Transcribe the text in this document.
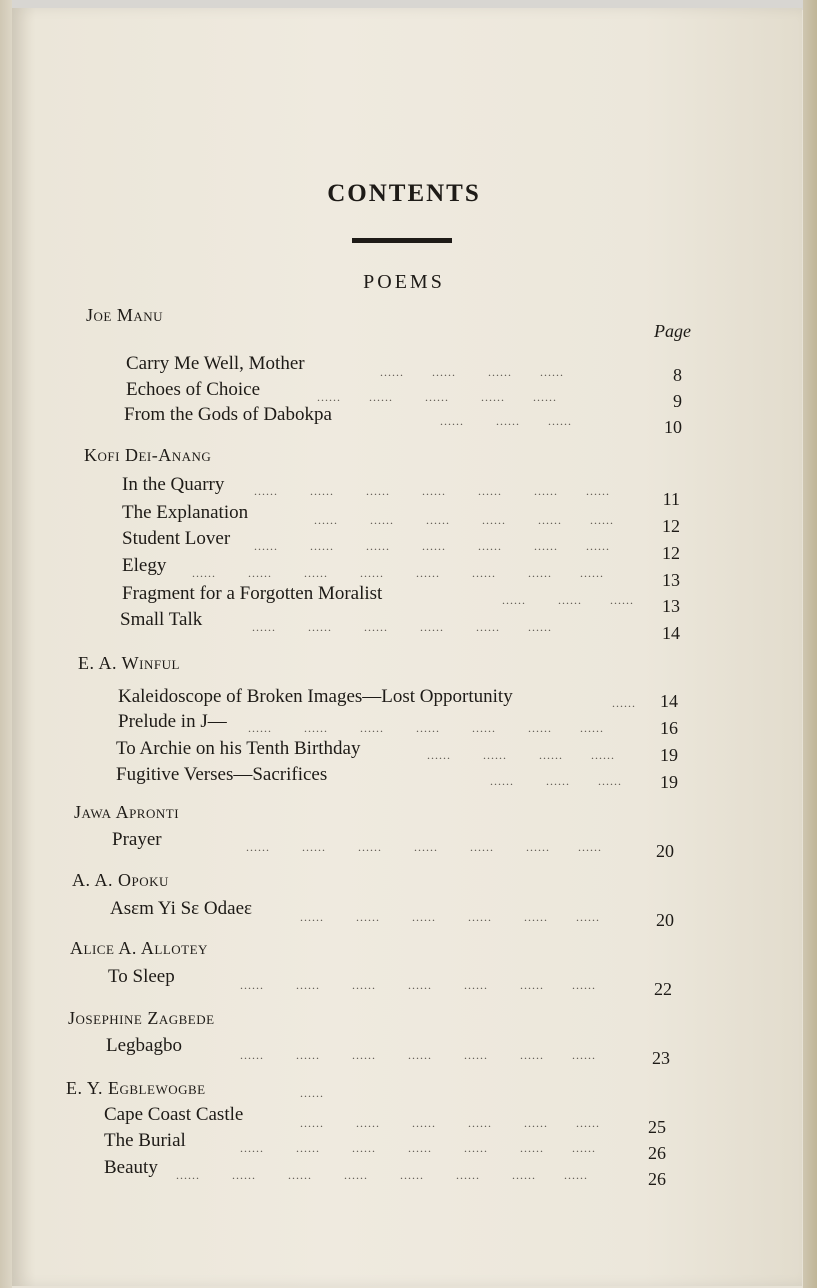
CONTENTS
POEMS
Page
Joe Manu
Carry Me Well, Mother	......       ......        ......       ......	8
Echoes of Choice	......       ......        ......        ......       ......	9
From the Gods of Dabokpa	......        ......       ......	10
Kofi Dei-Anang
In the Quarry ......        ......        ......        ......        ......        ......       ......	11
The Explanation	......        ......        ......        ......        ......       ......	12
Student Lover ......        ......        ......        ......        ......        ......       ......	12
Elegy ......        ......        ......        ......        ......        ......        ......       ......	13
Fragment for a Forgotten Moralist	......        ......       ......	13
Small Talk	......        ......        ......        ......        ......       ......	14
E. A. Winful
Kaleidoscope of Broken Images—Lost Opportunity	......	14
Prelude in J— ......        ......        ......        ......        ......        ......       ......	16
To Archie on his Tenth Birthday	......        ......        ......       ......	19
Fugitive Verses—Sacrifices	......        ......       ......	19
Jawa Apronti
Prayer	......        ......        ......        ......        ......        ......       ......	20
A. A. Opoku
Asɛm Yi Sɛ Odaeɛ	......        ......        ......        ......        ......       ......	20
Alice A. Allotey
To Sleep	......        ......        ......        ......        ......        ......       ......	22
Josephine Zagbede
Legbagbo	......        ......        ......        ......        ......        ......       ......	23
E. Y. Egblewogbe	......
Cape Coast Castle	......        ......        ......        ......        ......       ......	25
The Burial	......        ......        ......        ......        ......        ......       ......	26
Beauty ......        ......        ......        ......        ......        ......        ......       ......	26
